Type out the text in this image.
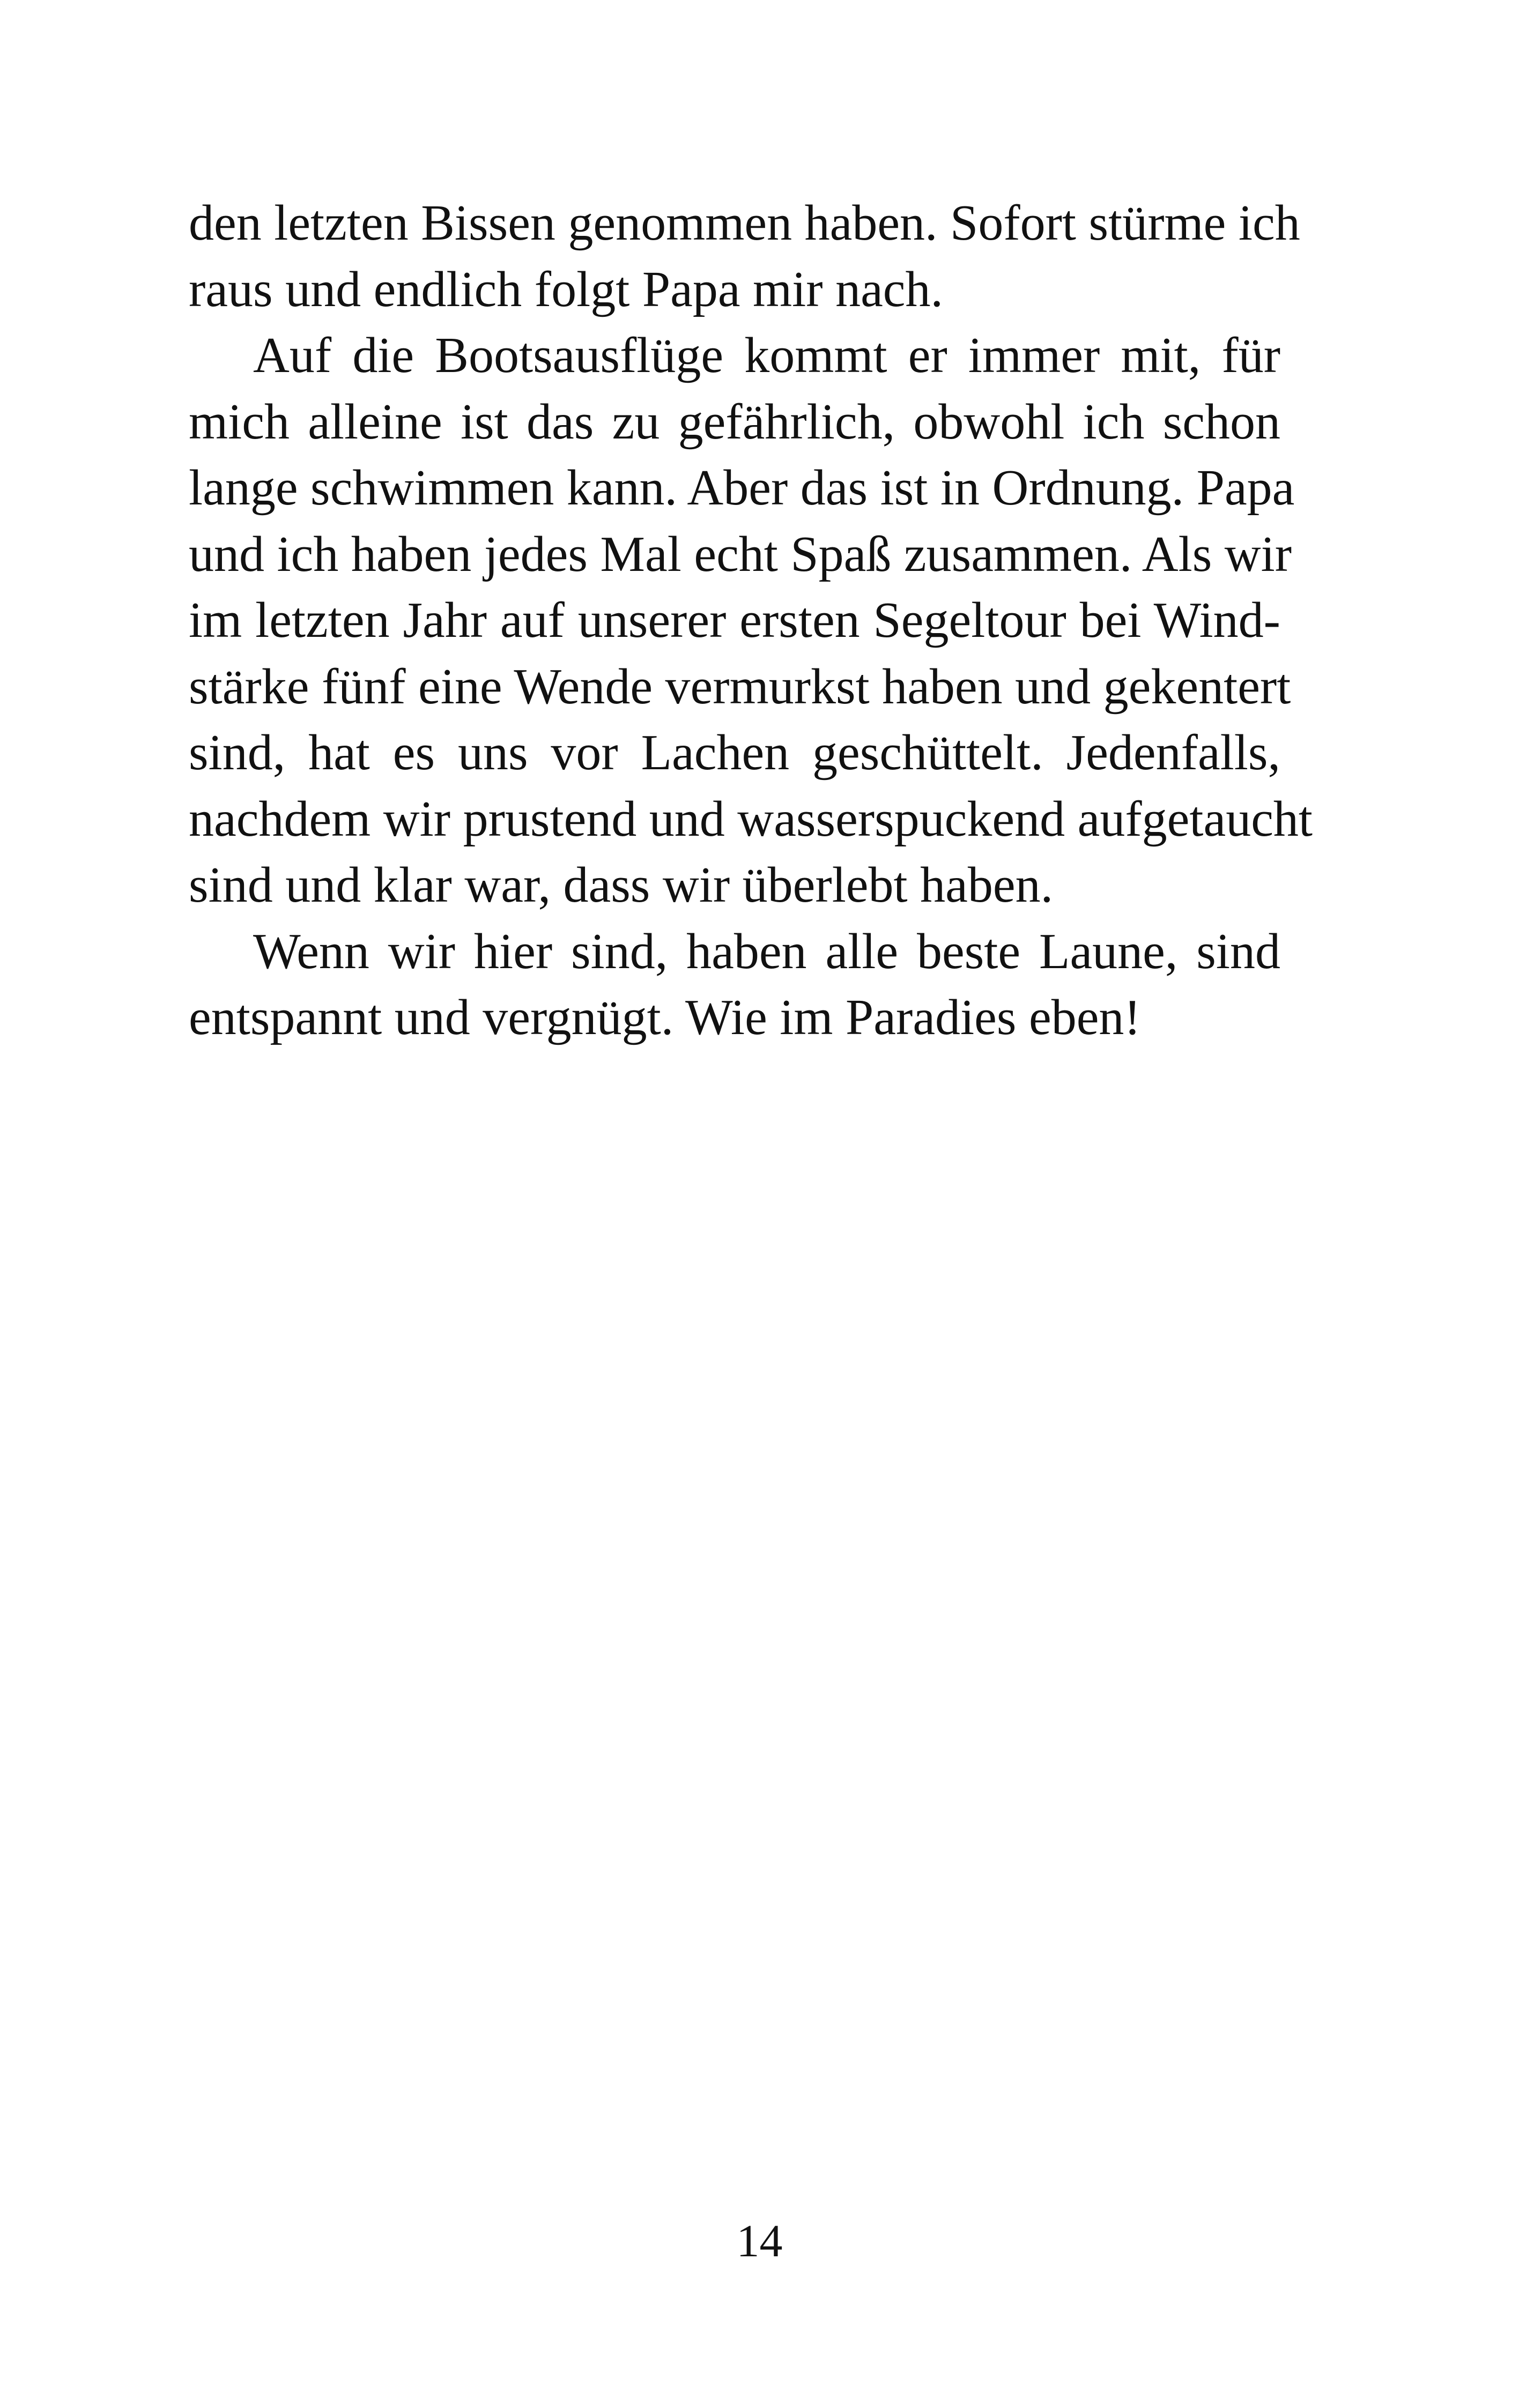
den letzten Bissen genommen haben. Sofort stürme ich
raus und endlich folgt Papa mir nach.
Auf die Bootsausflüge kommt er immer mit, für
mich alleine ist das zu gefährlich, obwohl ich schon
lange schwimmen kann. Aber das ist in Ordnung. Papa
und ich haben jedes Mal echt Spaß zusammen. Als wir
im letzten Jahr auf unserer ersten Segeltour bei Wind-
stärke fünf eine Wende vermurkst haben und gekentert
sind, hat es uns vor Lachen geschüttelt. Jedenfalls,
nachdem wir prustend und wasserspuckend aufgetaucht
sind und klar war, dass wir überlebt haben.
Wenn wir hier sind, haben alle beste Laune, sind
entspannt und vergnügt. Wie im Paradies eben!
14
